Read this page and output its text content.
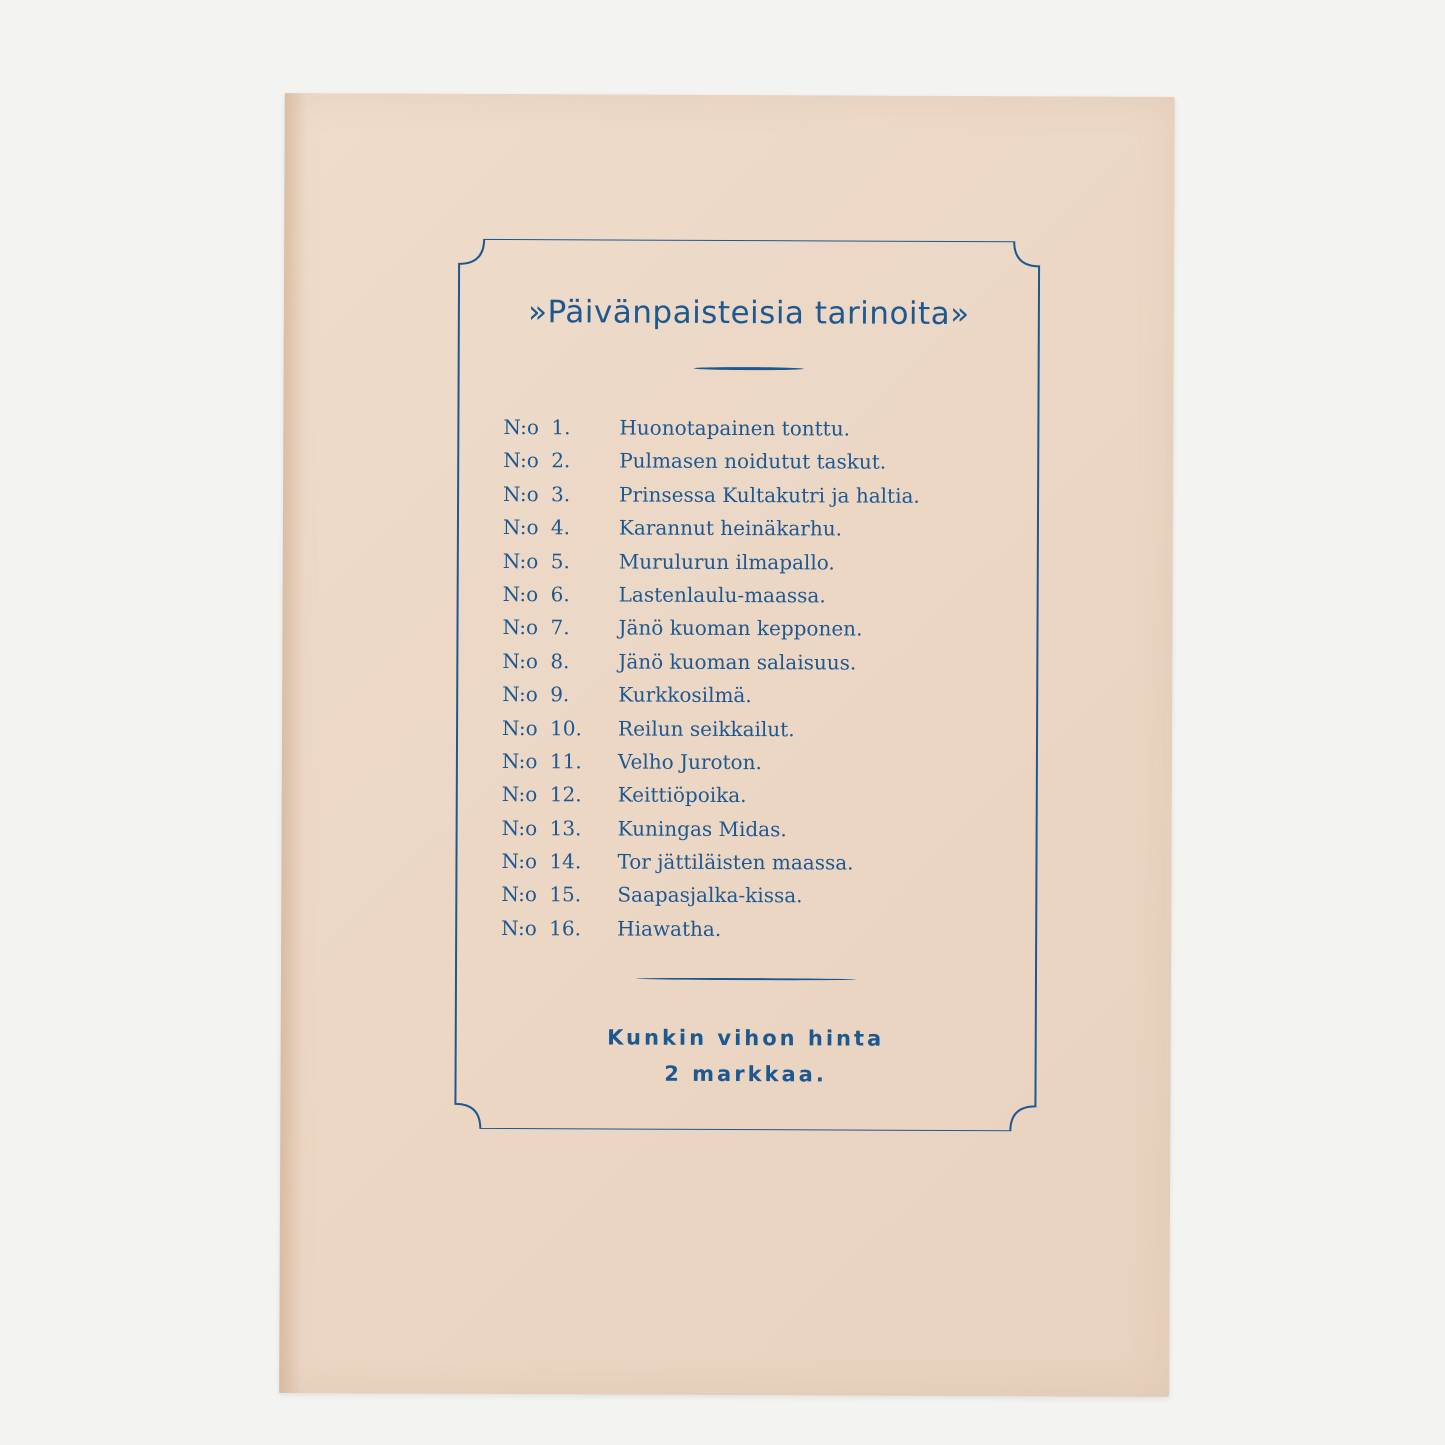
»Päivänpaisteisia tarinoita»
N:o 1.	Huonotapainen tonttu.
N:o 2.	Pulmasen noidutut taskut.
N:o 3.	Prinsessa Kultakutri ja haltia.
N:o 4.	Karannut heinäkarhu.
N:o 5.	Murulurun ilmapallo.
N:o 6.	Lastenlaulu-maassa.
N:o 7.	Jänö kuoman kepponen.
N:o 8.	Jänö kuoman salaisuus.
N:o 9.	Kurkkosilmä.
N:o 10.	Reilun seikkailut.
N:o 11.	Velho Juroton.
N:o 12.	Keittiöpoika.
N:o 13.	Kuningas Midas.
N:o 14.	Tor jättiläisten maassa.
N:o 15.	Saapasjalka-kissa.
N:o 16.	Hiawatha.
Kunkin vihon hinta
2 markkaa.
